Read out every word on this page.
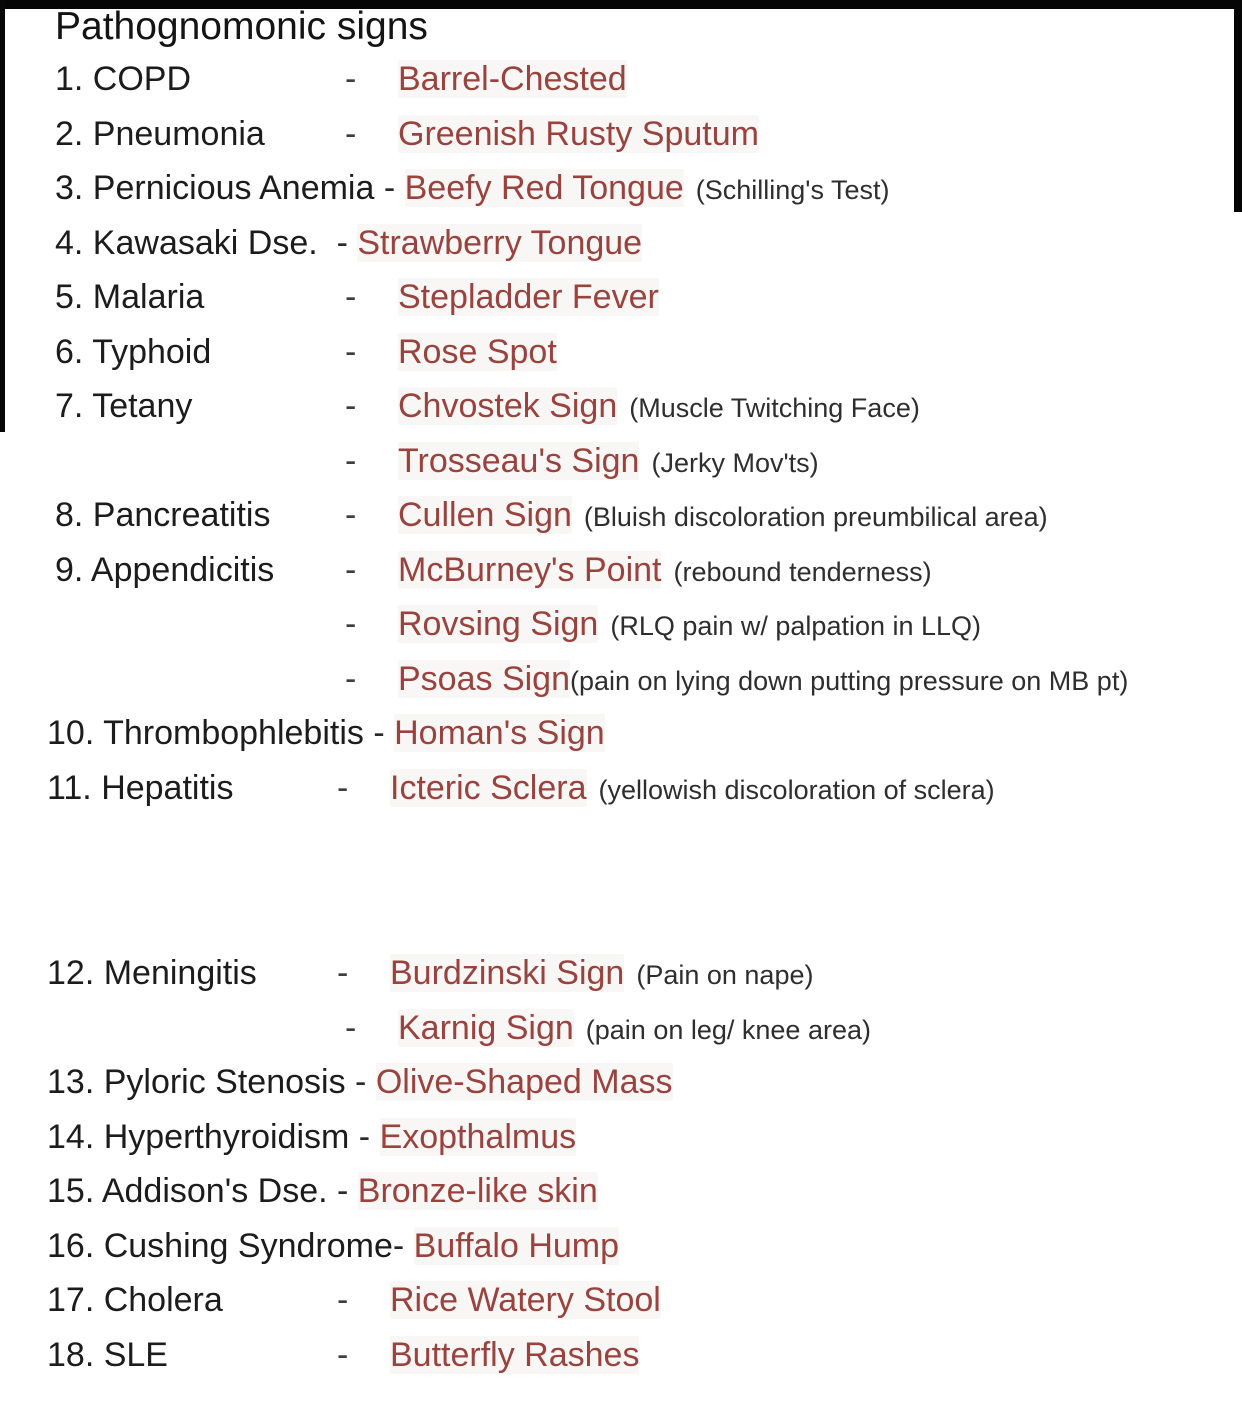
Pathognomonic signs
1. COPD	- Barrel-Chested
2. Pneumonia - Greenish Rusty Sputum
3. Pernicious Anemia - Beefy Red Tongue (Schilling's Test)
4. Kawasaki Dse.  - Strawberry Tongue
5. Malaria	- Stepladder Fever
6. Typhoid	- Rose Spot
7. Tetany	- Chvostek Sign (Muscle Twitching Face)
- Trosseau's Sign (Jerky Mov'ts)
8. Pancreatitis - Cullen Sign (Bluish discoloration preumbilical area)
9. Appendicitis - McBurney's Point (rebound tenderness)
- Rovsing Sign (RLQ pain w/ palpation in LLQ)
- Psoas Sign(pain on lying down putting pressure on MB pt)
10. Thrombophlebitis - Homan's Sign
11. Hepatitis	- Icteric Sclera (yellowish discoloration of sclera)
12. Meningitis - Burdzinski Sign (Pain on nape)
- Karnig Sign (pain on leg/ knee area)
13. Pyloric Stenosis - Olive-Shaped Mass
14. Hyperthyroidism - Exopthalmus
15. Addison's Dse. - Bronze-like skin
16. Cushing Syndrome- Buffalo Hump
17. Cholera	- Rice Watery Stool
18. SLE	- Butterfly Rashes
